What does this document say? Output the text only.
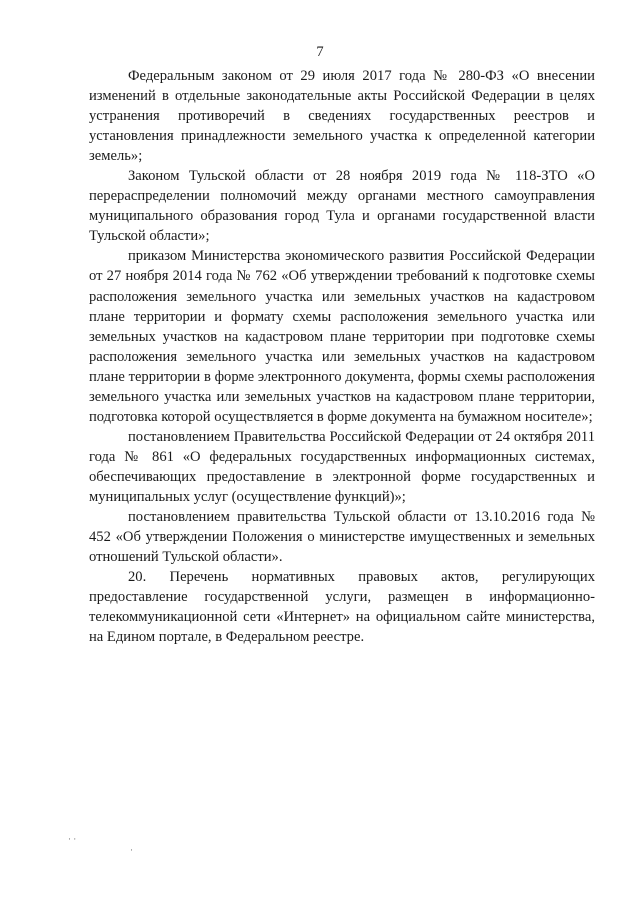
7

Федеральным законом от 29 июля 2017 года № 280-ФЗ «О внесении изменений в отдельные законодательные акты Российской Федерации в целях устранения противоречий в сведениях государственных реестров и установления принадлежности земельного участка к определенной категории земель»;

Законом Тульской области от 28 ноября 2019 года № 118-ЗТО «О перераспределении полномочий между органами местного самоуправления муниципального образования город Тула и органами государственной власти Тульской области»;

приказом Министерства экономического развития Российской Федерации от 27 ноября 2014 года № 762 «Об утверждении требований к подготовке схемы расположения земельного участка или земельных участков на кадастровом плане территории и формату схемы расположения земельного участка или земельных участков на кадастровом плане территории при подготовке схемы расположения земельного участка или земельных участков на кадастровом плане территории в форме электронного документа, формы схемы расположения земельного участка или земельных участков на кадастровом плане территории, подготовка которой осуществляется в форме документа на бумажном носителе»;

постановлением Правительства Российской Федерации от 24 октября 2011 года № 861 «О федеральных государственных информационных системах, обеспечивающих предоставление в электронной форме государственных и муниципальных услуг (осуществление функций)»;

постановлением правительства Тульской области от 13.10.2016 года № 452 «Об утверждении Положения о министерстве имущественных и земельных отношений Тульской области».

20. Перечень нормативных правовых актов, регулирующих предоставление государственной услуги, размещен в информационно-телекоммуникационной сети «Интернет» на официальном сайте министерства, на Едином портале, в Федеральном реестре.

· ·
·
